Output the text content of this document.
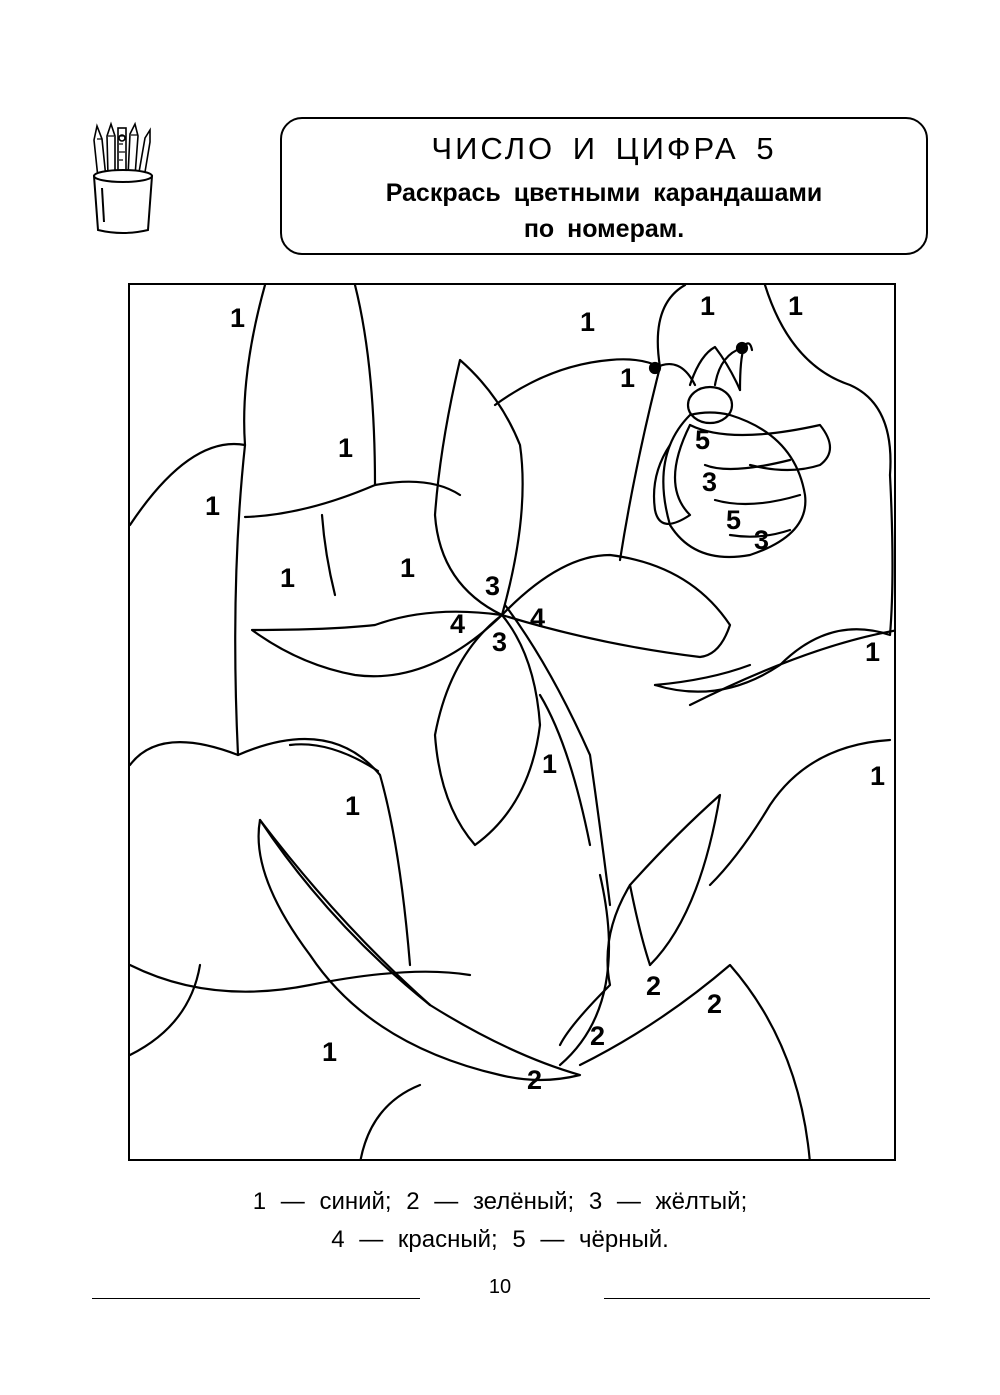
ЧИСЛО И ЦИФРА 5
Раскрась цветными карандашами
по номерам.
1	1
1	1
1
1
1
1	1
1
1	1
1
1
3
3
4 4
5
3
5
3
2
2
2
2
1 — синий; 2 — зелёный; 3 — жёлтый;
4 — красный; 5 — чёрный.
10
